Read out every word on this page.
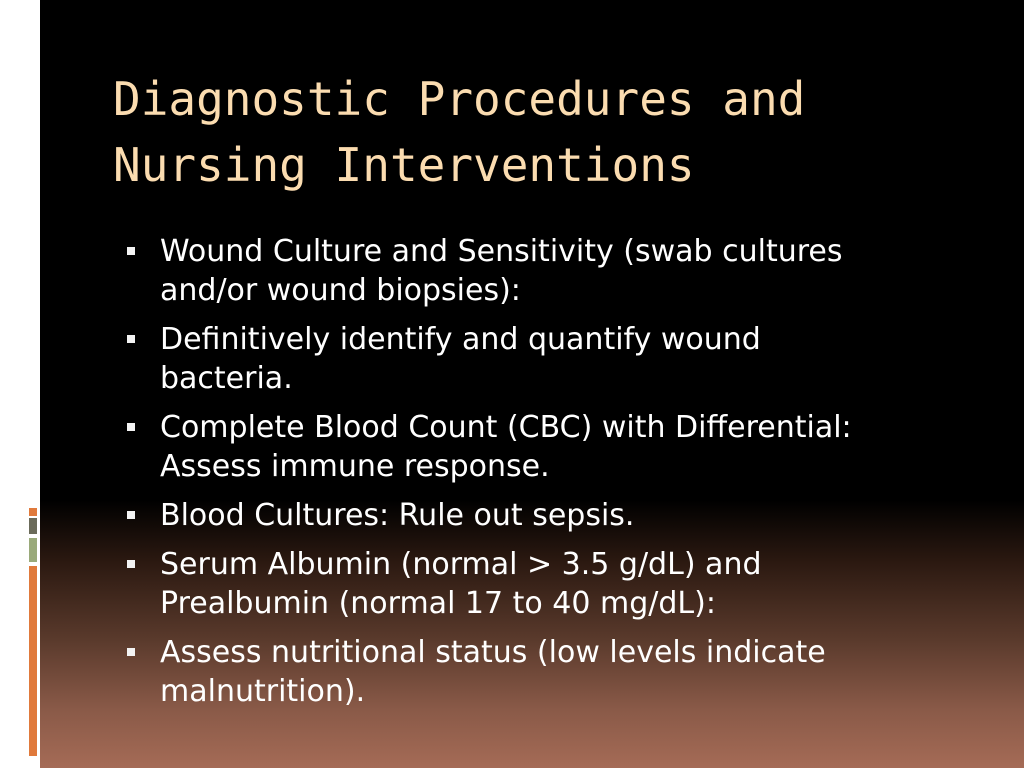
Diagnostic Procedures and
Nursing Interventions
Wound Culture and Sensitivity (swab cultures
and/or wound biopsies):
Definitively identify and quantify wound
bacteria.
Complete Blood Count (CBC) with Differential:
Assess immune response.
Blood Cultures: Rule out sepsis.
Serum Albumin (normal > 3.5 g/dL) and
Prealbumin (normal 17 to 40 mg/dL):
Assess nutritional status (low levels indicate
malnutrition).
